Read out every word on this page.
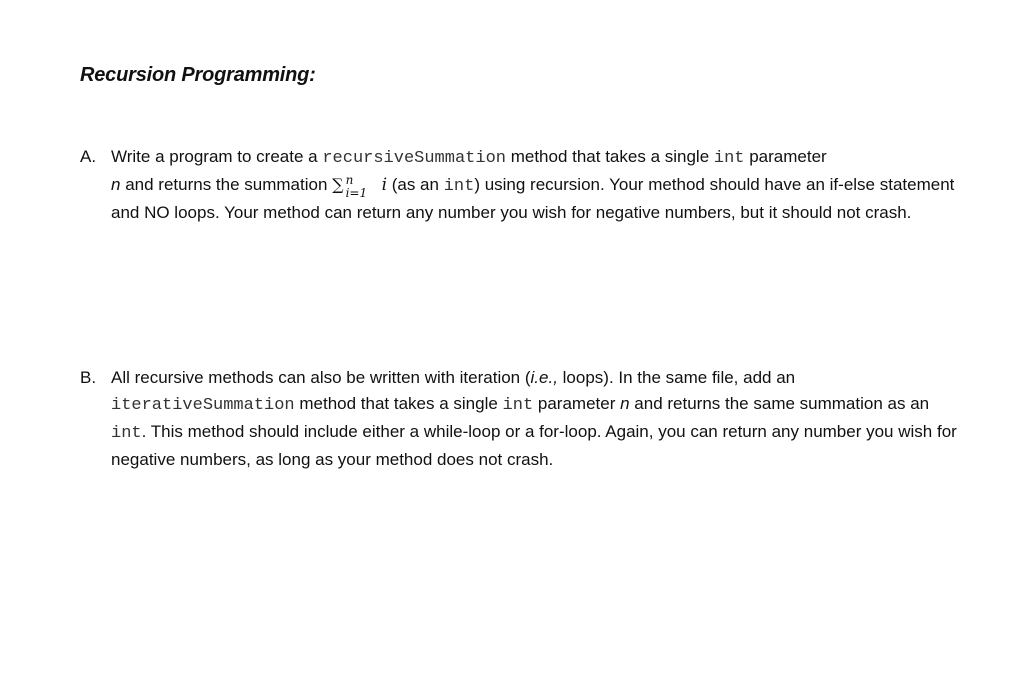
Recursion Programming:
A. Write a program to create a recursiveSummation method that takes a single int parameter
n and returns the summation ∑ n
i=1 i (as an int) using recursion. Your method should have an if-else statement and NO loops. Your method can return any number you wish for negative numbers, but it should not crash.
B. All recursive methods can also be written with iteration (i.e., loops). In the same file, add an
iterativeSummation method that takes a single int parameter n and returns the same summation as an int. This method should include either a while-loop or a for-loop. Again, you can return any number you wish for negative numbers, as long as your method does not crash.
